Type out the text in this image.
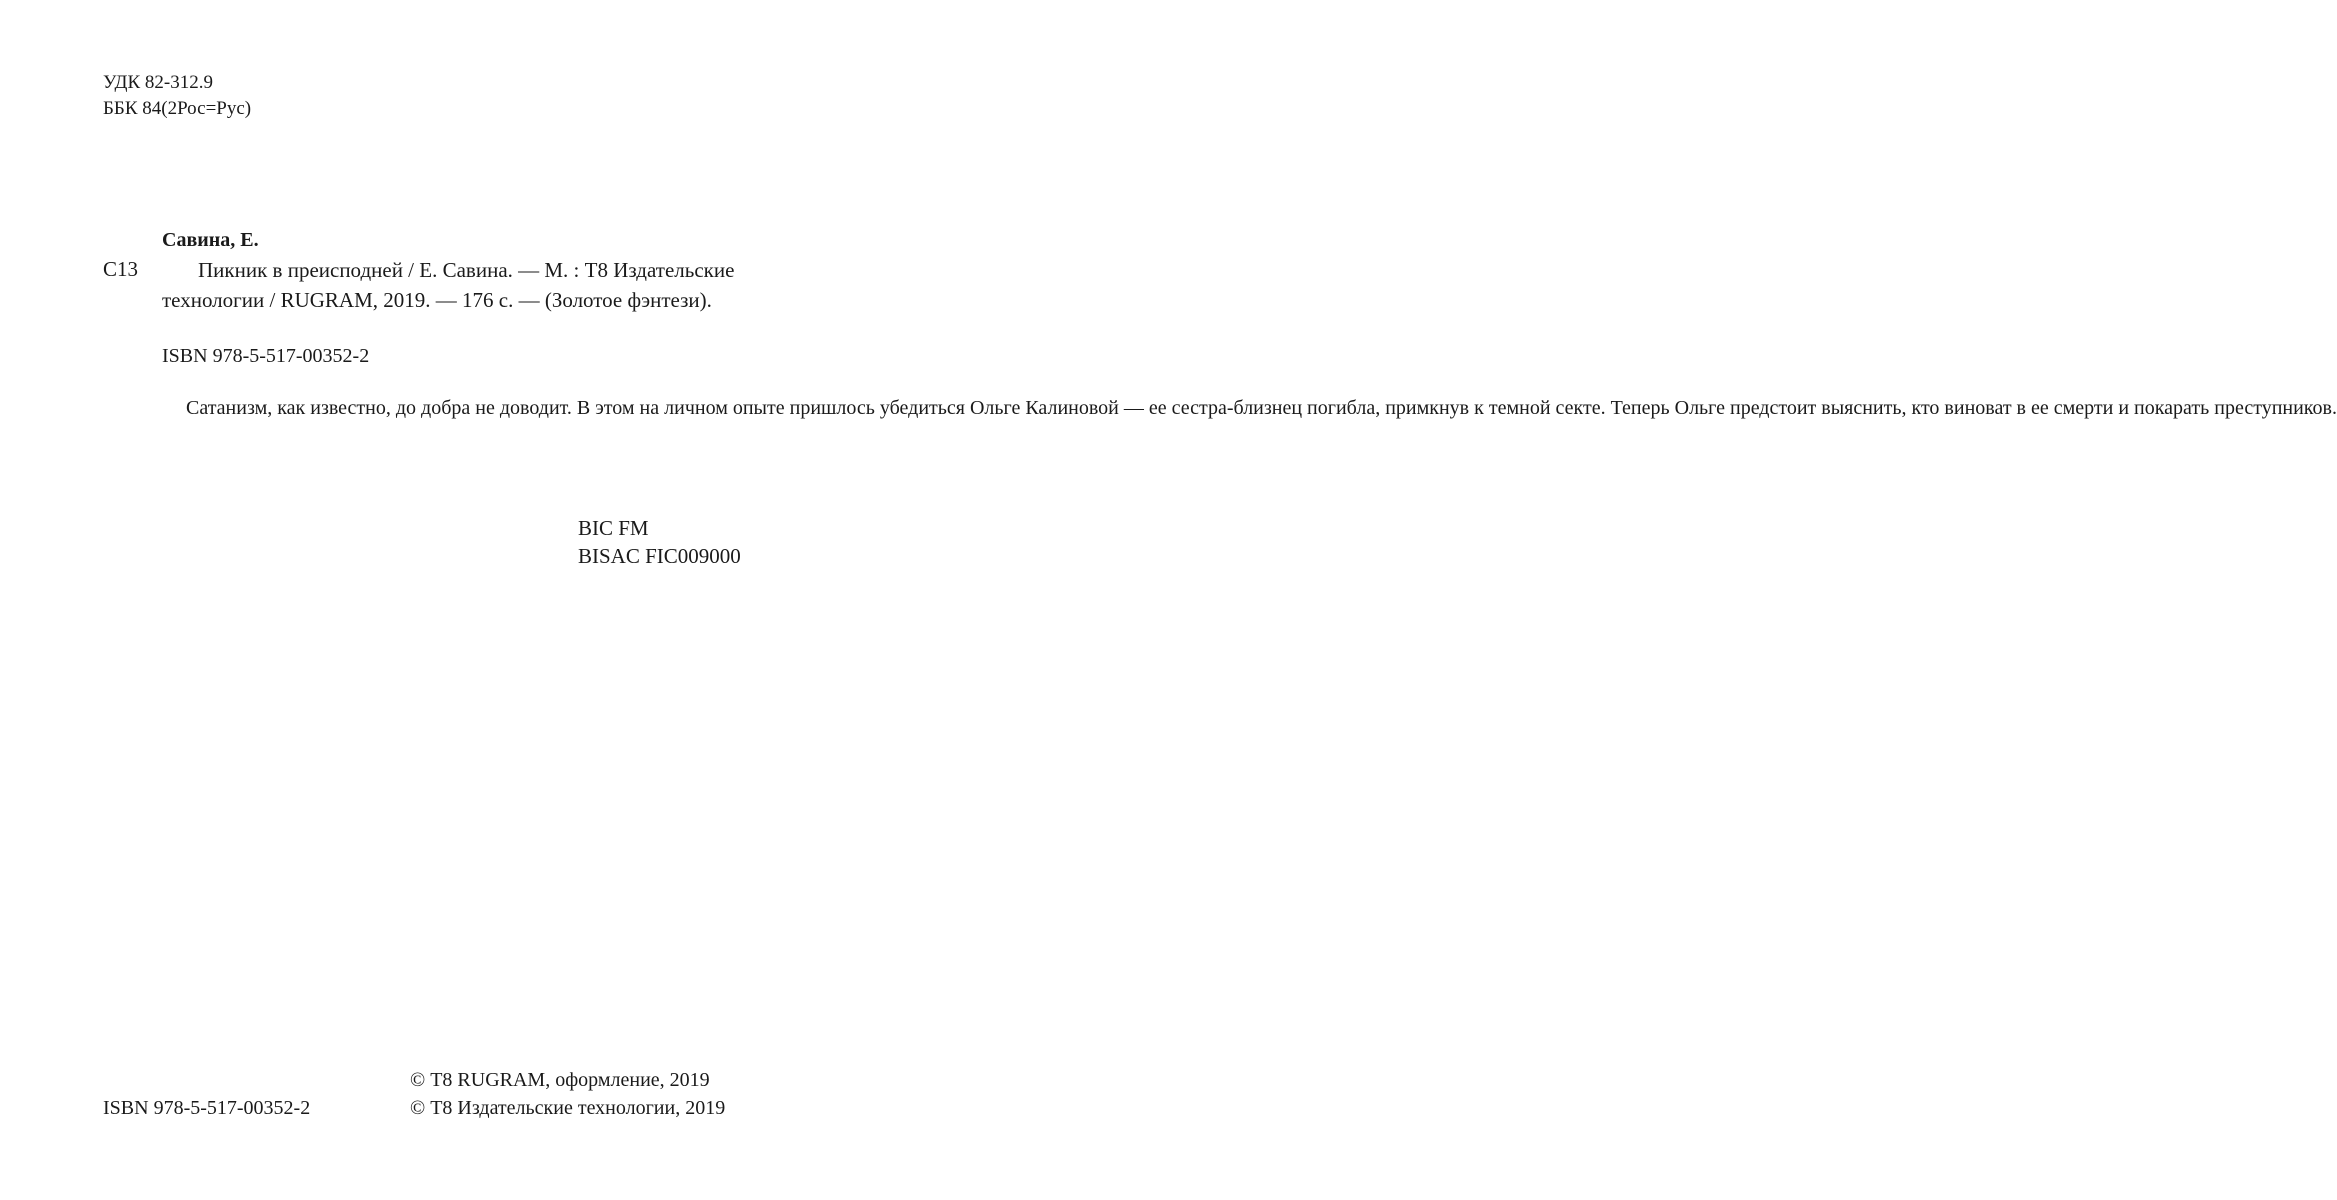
УДК 82-312.9
ББК 84(2Рос=Рус)
Савина, Е.
С13	Пикник в преисподней / Е. Савина. — М. : Т8 Издательские
технологии / RUGRAM, 2019. — 176 с. — (Золотое фэнтези).
ISBN 978-5-517-00352-2

Сатанизм, как известно, до добра не доводит. В этом на личном опыте пришлось убедиться Ольге Калиновой — ее сестра-близнец погибла, примкнув к темной секте. Теперь Ольге предстоит выяснить, кто виноват в ее смерти и покарать преступников.

BIC FM
BISAC FIC009000
© Т8 RUGRAM, оформление, 2019
© Т8 Издательские технологии, 2019
ISBN 978-5-517-00352-2
